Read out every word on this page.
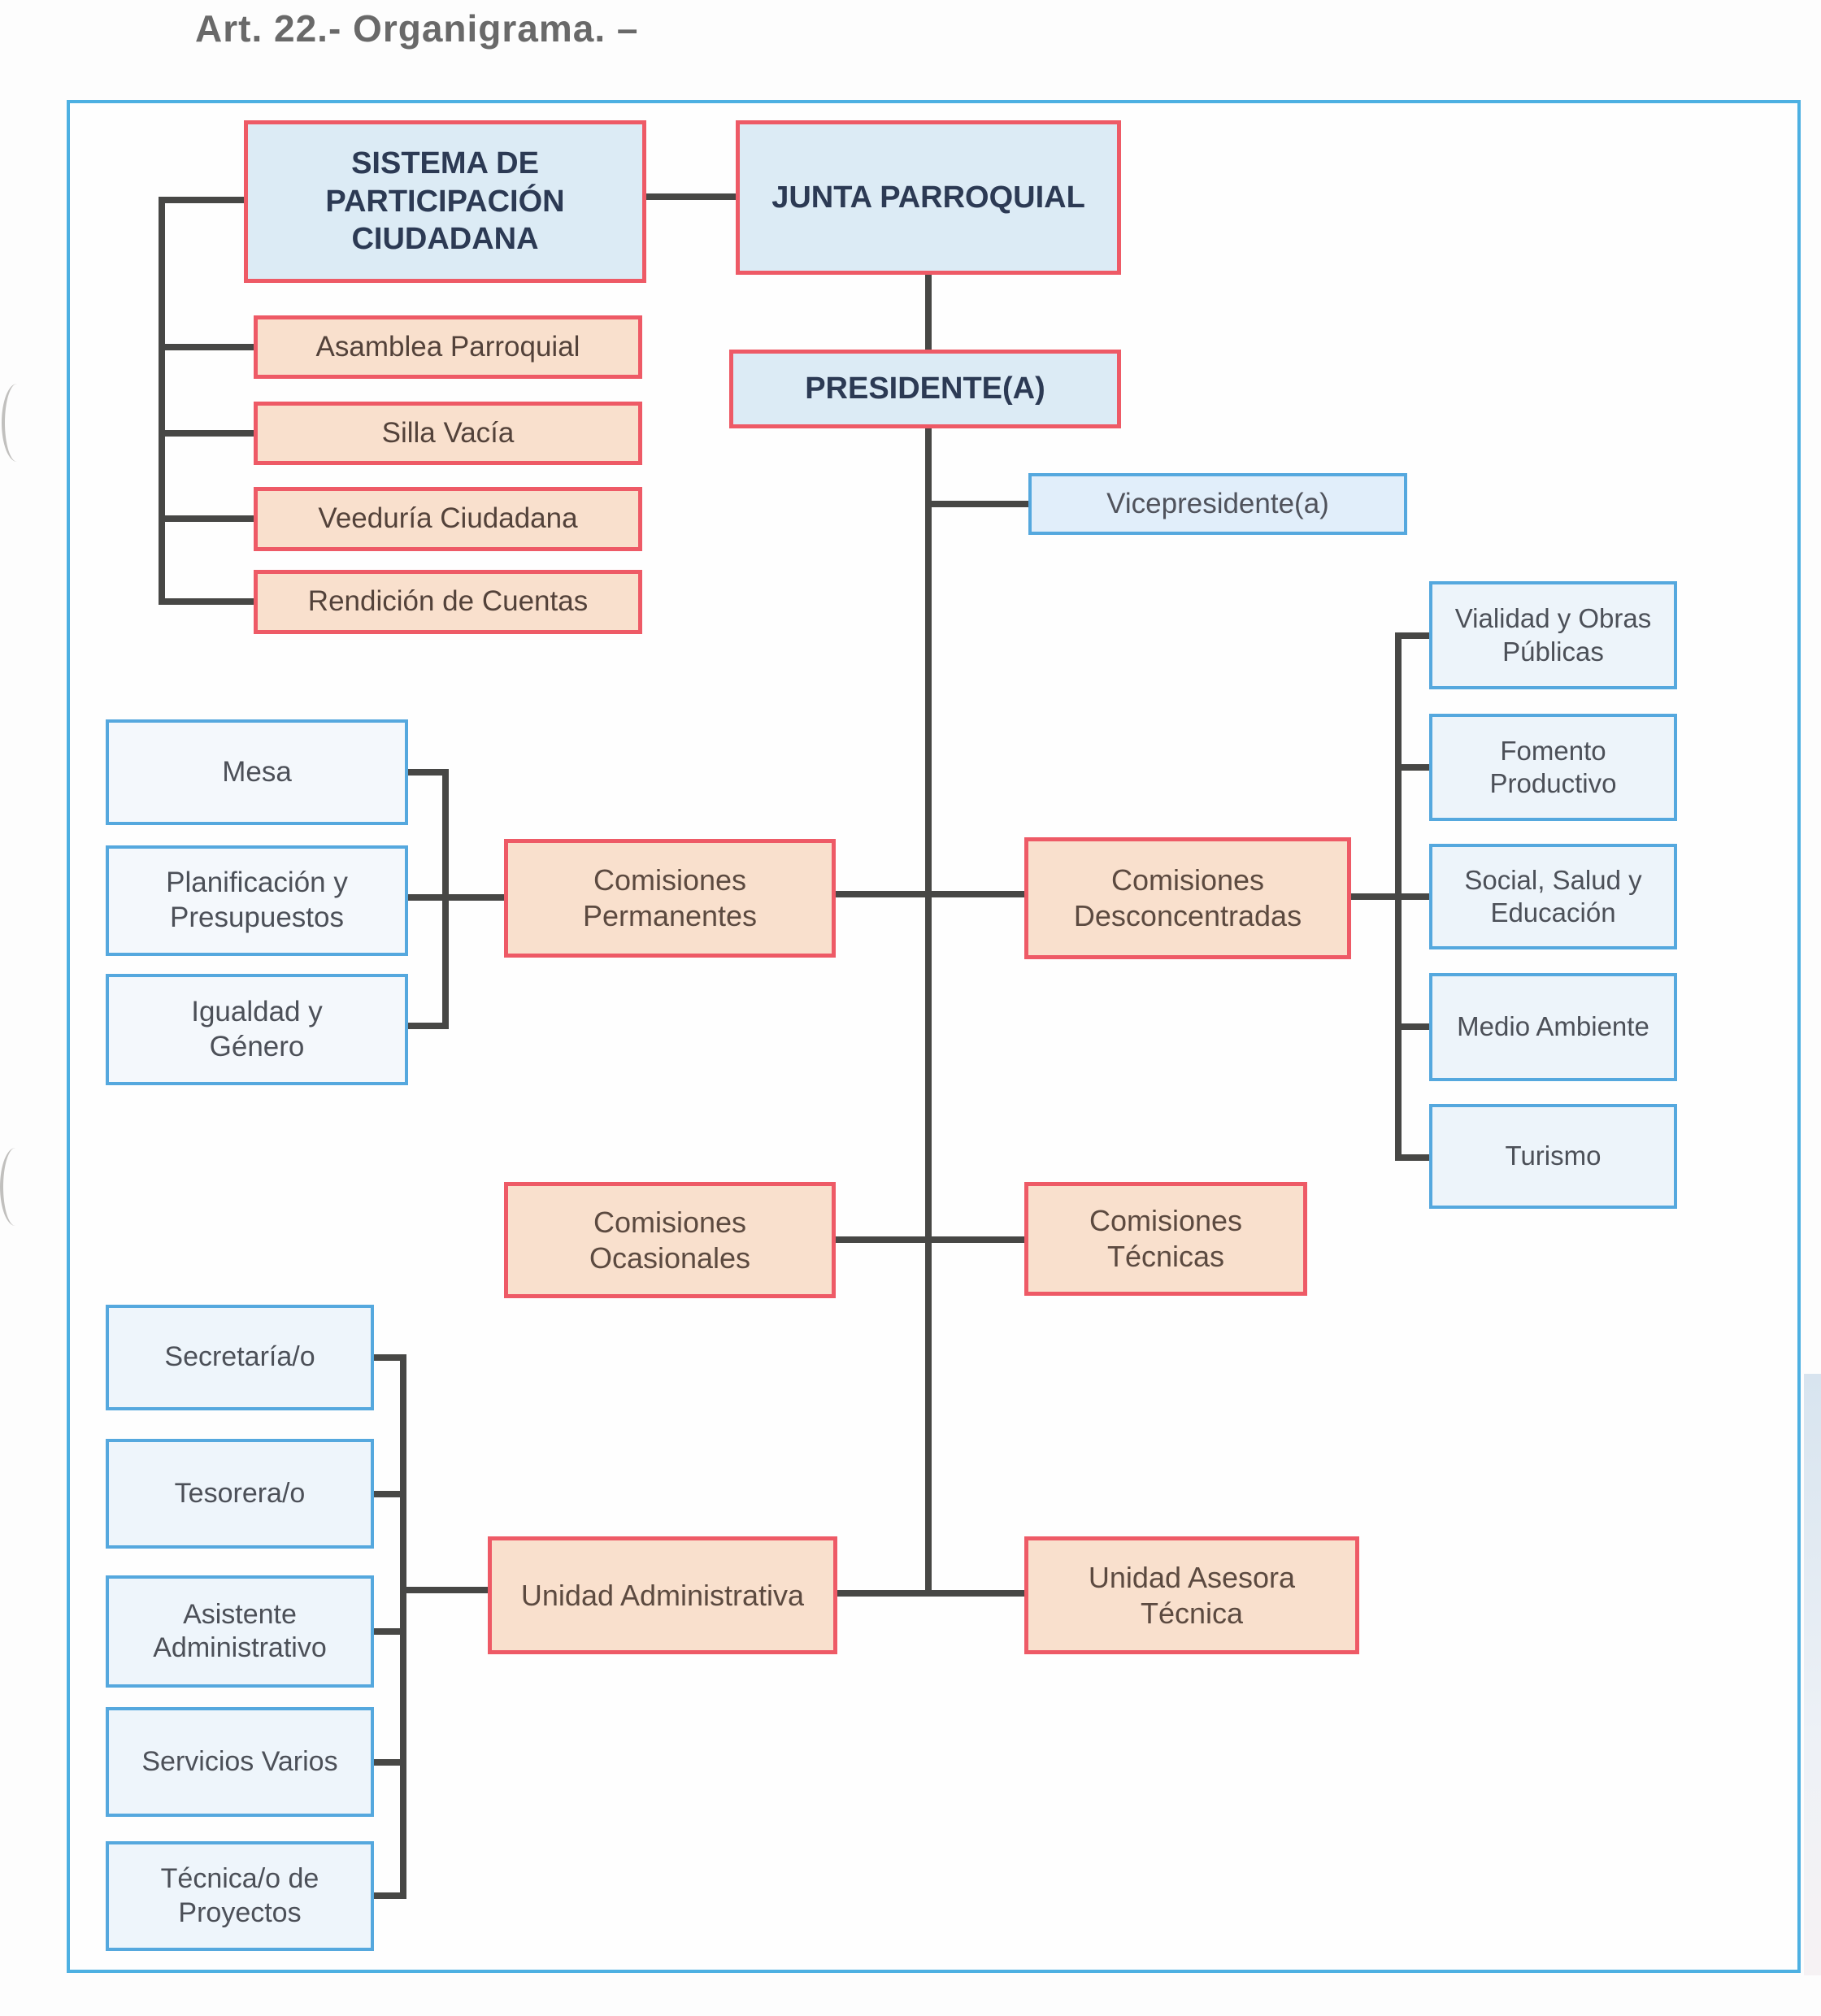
Art. 22.- Organigrama. –
SISTEMA DE PARTICIPACIÓN CIUDADANA
JUNTA PARROQUIAL
PRESIDENTE(A)
Vicepresidente(a)
Asamblea Parroquial
Silla Vacía
Veeduría Ciudadana
Rendición de Cuentas
Mesa
Planificación y Presupuestos
Igualdad y Género
Comisiones Permanentes
Comisiones Desconcentradas
Vialidad y Obras Públicas
Fomento Productivo
Social, Salud y Educación
Medio Ambiente
Turismo
Comisiones Ocasionales
Comisiones Técnicas
Unidad Administrativa
Unidad Asesora Técnica
Secretaría/o
Tesorera/o
Asistente Administrativo
Servicios Varios
Técnica/o de Proyectos
